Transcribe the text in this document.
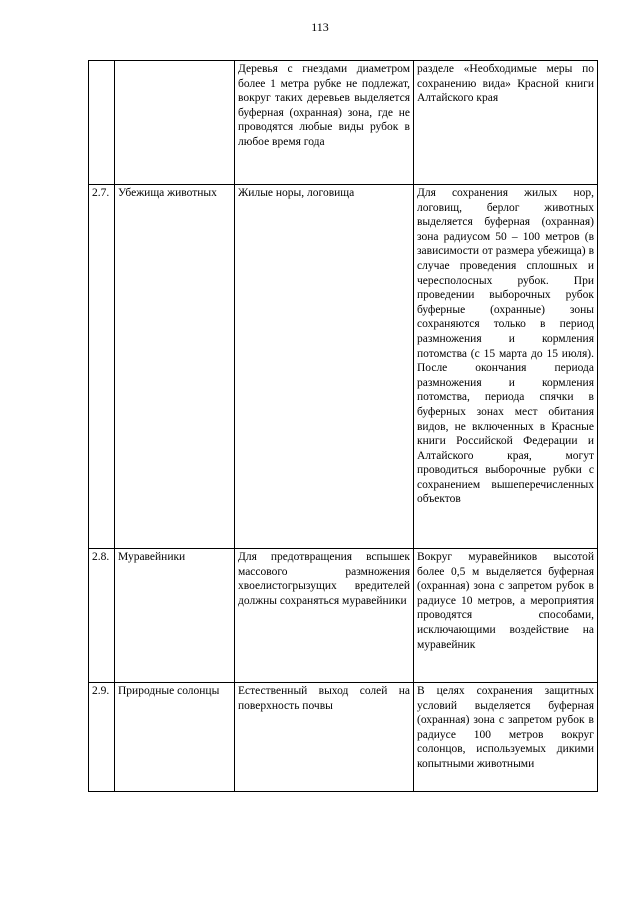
113
		Деревья с гнездами диаметром более 1 метра рубке не подлежат, вокруг таких деревьев выделяется буферная (охранная) зона, где не проводятся любые виды рубок в любое время года	разделе «Необходимые меры по сохранению вида» Красной книги Алтайского края
2.7.	Убежища животных	Жилые норы, логовища	Для сохранения жилых нор, логовищ, берлог животных выделяется буферная (охранная) зона радиусом 50 – 100 метров (в зависимости от размера убежища) в случае проведения сплошных и чересполосных рубок. При проведении выборочных рубок буферные (охранные) зоны сохраняются только в период размножения и кормления потомства (с 15 марта до 15 июля). После окончания периода размножения и кормления потомства, периода спячки в буферных зонах мест обитания видов, не включенных в Красные книги Российской Федерации и Алтайского края, могут проводиться выборочные рубки с сохранением вышеперечисленных объектов
2.8.	Муравейники	Для предотвращения вспышек массового размножения хвоелистогрызущих вредителей должны сохраняться муравейники	Вокруг муравейников высотой более 0,5 м выделяется буферная (охранная) зона с запретом рубок в радиусе 10 метров, а мероприятия проводятся способами, исключающими воздействие на муравейник
2.9.	Природные солонцы	Естественный выход солей на поверхность почвы	В целях сохранения защитных условий выделяется буферная (охранная) зона с запретом рубок в радиусе 100 метров вокруг солонцов, используемых дикими копытными животными
